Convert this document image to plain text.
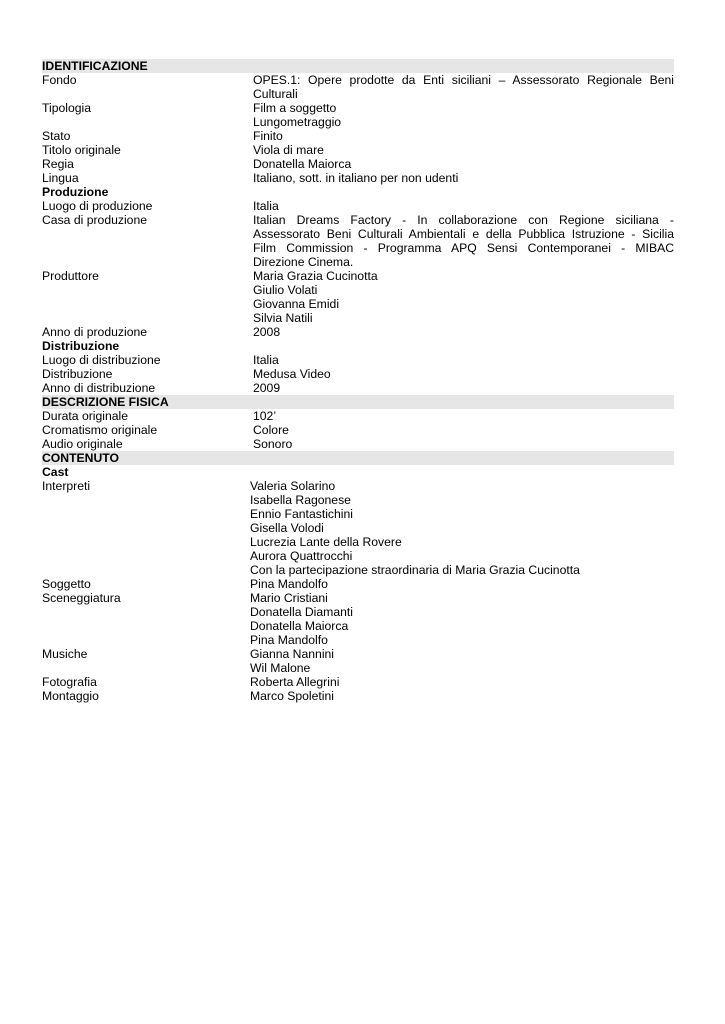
IDENTIFICAZIONE
Fondo	OPES.1: Opere prodotte da Enti siciliani – Assessorato Regionale Beni
Culturali
Tipologia	Film a soggetto
Lungometraggio
Stato	Finito
Titolo originale	Viola di mare
Regia	Donatella Maiorca
Lingua	Italiano, sott. in italiano per non udenti
Produzione
Luogo di produzione	Italia
Casa di produzione	Italian Dreams Factory - In collaborazione con Regione siciliana -
Assessorato Beni Culturali Ambientali e della Pubblica Istruzione - Sicilia
Film Commission - Programma APQ Sensi Contemporanei - MIBAC
Direzione Cinema.
Produttore	Maria Grazia Cucinotta
Giulio Volati
Giovanna Emidi
Silvia Natili
Anno di produzione	2008
Distribuzione
Luogo di distribuzione	Italia
Distribuzione	Medusa Video
Anno di distribuzione	2009
DESCRIZIONE FISICA
Durata originale	102’
Cromatismo originale	Colore
Audio originale	Sonoro
CONTENUTO
Cast
Interpreti	Valeria Solarino
Isabella Ragonese
Ennio Fantastichini
Gisella Volodi
Lucrezia Lante della Rovere
Aurora Quattrocchi
Con la partecipazione straordinaria di Maria Grazia Cucinotta
Soggetto	Pina Mandolfo
Sceneggiatura	Mario Cristiani
Donatella Diamanti
Donatella Maiorca
Pina Mandolfo
Musiche	Gianna Nannini
Wil Malone
Fotografia	Roberta Allegrini
Montaggio	Marco Spoletini
